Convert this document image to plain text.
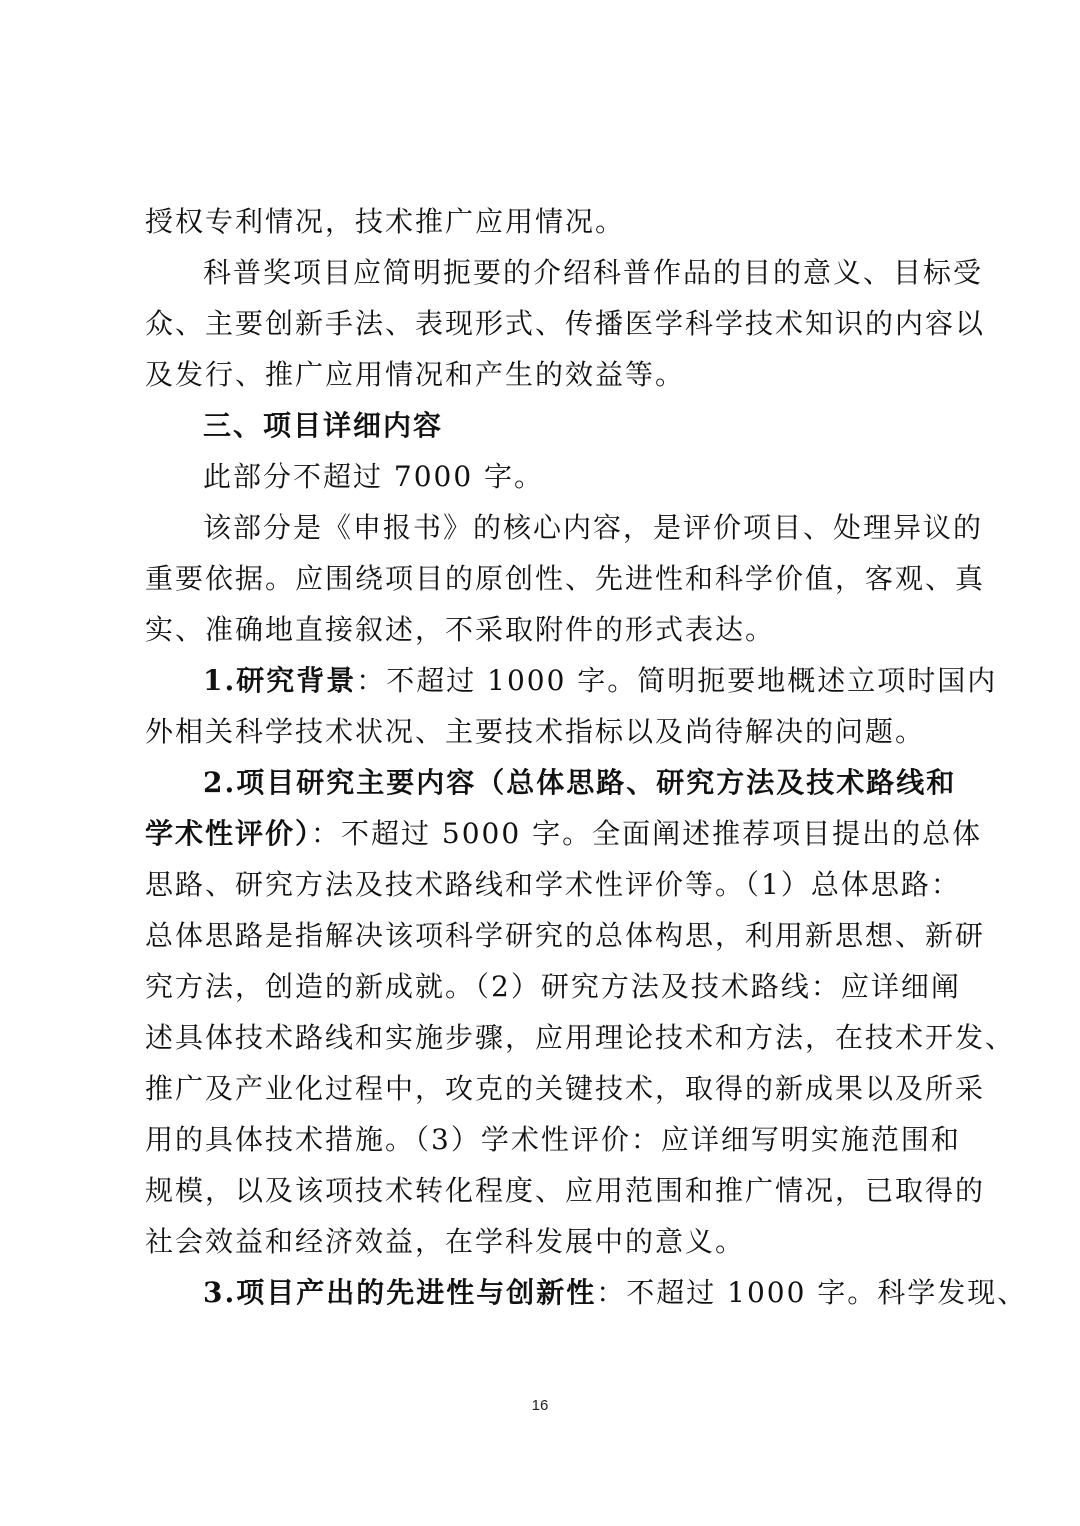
授权专利情况，技术推广应用情况。
科普奖项目应简明扼要的介绍科普作品的目的意义、目标受
众、主要创新手法、表现形式、传播医学科学技术知识的内容以
及发行、推广应用情况和产生的效益等。
三、项目详细内容
此部分不超过 7000 字。
该部分是《申报书》的核心内容，是评价项目、处理异议的
重要依据。应围绕项目的原创性、先进性和科学价值，客观、真
实、准确地直接叙述，不采取附件的形式表达。
1.研究背景：不超过 1000 字。简明扼要地概述立项时国内
外相关科学技术状况、主要技术指标以及尚待解决的问题。
2.项目研究主要内容（总体思路、研究方法及技术路线和
学术性评价）：不超过 5000 字。全面阐述推荐项目提出的总体
思路、研究方法及技术路线和学术性评价等。（1）总体思路：
总体思路是指解决该项科学研究的总体构思，利用新思想、新研
究方法，创造的新成就。（2）研究方法及技术路线：应详细阐
述具体技术路线和实施步骤，应用理论技术和方法，在技术开发、
推广及产业化过程中，攻克的关键技术，取得的新成果以及所采
用的具体技术措施。（3）学术性评价：应详细写明实施范围和
规模，以及该项技术转化程度、应用范围和推广情况，已取得的
社会效益和经济效益，在学科发展中的意义。
3.项目产出的先进性与创新性：不超过 1000 字。科学发现、
16
